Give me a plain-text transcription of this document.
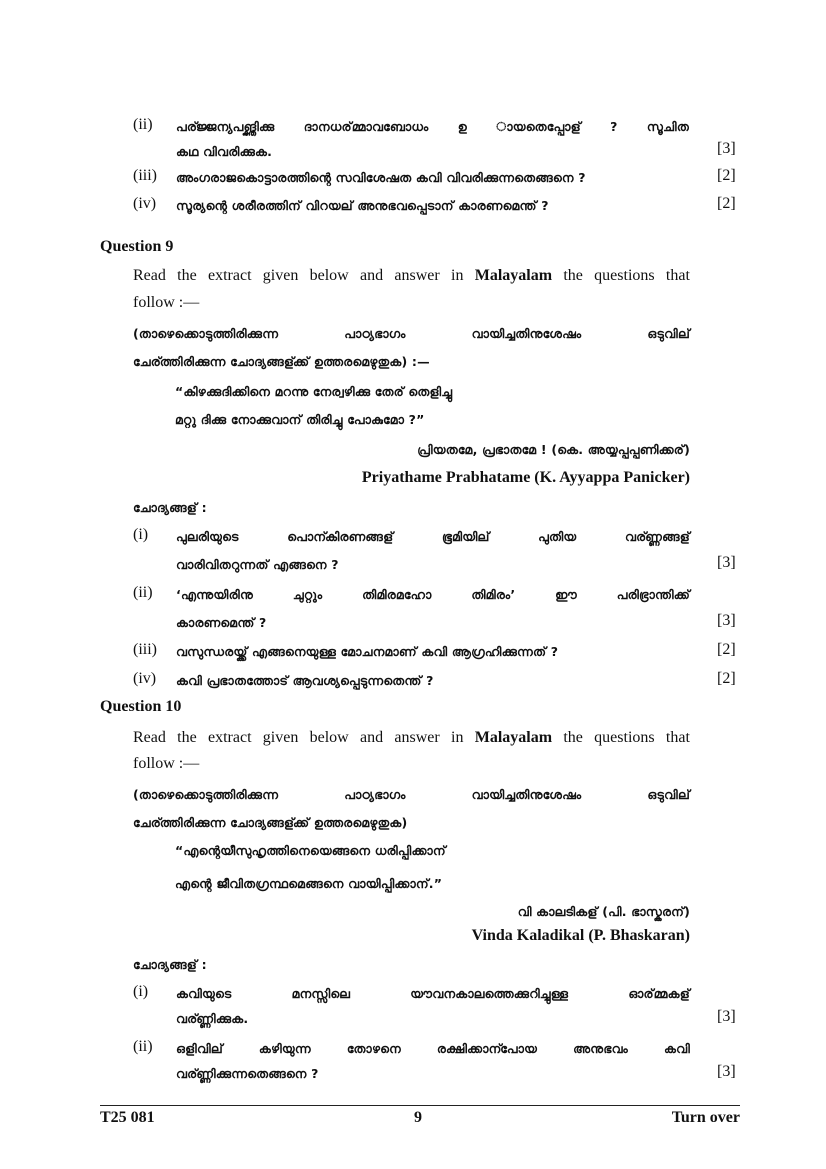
(ii) പര്ജ്ജന്യപങ്ക്തിക്കു ദാനധര്മ്മാവബോധം ഉ ായതെപ്പോള് ? സൂചിത
കഥ വിവരിക്കുക.	[3]
(iii) അംഗരാജകൊട്ടാരത്തിന്റെ സവിശേഷത കവി വിവരിക്കുന്നതെങ്ങനെ ?	[2]
(iv) സൂര്യന്റെ ശരീരത്തിന് വിറയല് അനുഭവപ്പെടാന് കാരണമെന്ത് ?	[2]
Question 9
Read the extract given below and answer in Malayalam the questions that
follow :—
(താഴെക്കൊടുത്തിരിക്കുന്ന	പാഠ്യഭാഗം	വായിച്ചതിനുശേഷം	ഒടുവില്
ചേര്ത്തിരിക്കുന്ന ചോദ്യങ്ങള്ക്ക് ഉത്തരമെഴുതുക) :—
“കിഴക്കുദിക്കിനെ മറന്നു നേര്വഴിക്കു തേര് തെളിച്ചു
മറ്റു ദിക്കു നോക്കുവാന് തിരിച്ചു പോകുമോ ?”
പ്രിയതമേ, പ്രഭാതമേ ! (കെ. അയ്യപ്പപ്പണിക്കര്)
Priyathame Prabhatame (K. Ayyappa Panicker)
ചോദ്യങ്ങള് :
(i) പുലരിയുടെ	പൊന്കിരണങ്ങള്	ഭൂമിയില്	പുതിയ	വര്ണ്ണങ്ങള്
വാരിവിതറുന്നത് എങ്ങനെ ?	[3]
(ii) ‘എന്നുയിരിനു	ചുറ്റും	തിമിരമഹോ	തിമിരം’	ഈ	പരിഭ്രാന്തിക്ക്
കാരണമെന്ത് ?	[3]
(iii) വസുന്ധരയ്ക്ക് എങ്ങനെയുള്ള മോചനമാണ് കവി ആഗ്രഹിക്കുന്നത് ?	[2]
(iv) കവി പ്രഭാതത്തോട് ആവശ്യപ്പെടുന്നതെന്ത് ?	[2]
Question 10
Read the extract given below and answer in Malayalam the questions that
follow :—
(താഴെക്കൊടുത്തിരിക്കുന്ന	പാഠ്യഭാഗം	വായിച്ചതിനുശേഷം	ഒടുവില്
ചേര്ത്തിരിക്കുന്ന ചോദ്യങ്ങള്ക്ക് ഉത്തരമെഴുതുക)
“എന്റെയീസുഹൃത്തിനെയെങ്ങനെ ധരിപ്പിക്കാന്
എന്റെ ജീവിതഗ്രന്ഥമെങ്ങനെ വായിപ്പിക്കാന്.”
വി കാലടികള് (പി. ഭാസ്കരന്)
Vinda Kaladikal (P. Bhaskaran)
ചോദ്യങ്ങള് :
(i) കവിയുടെ	മനസ്സിലെ	യൗവനകാലത്തെക്കുറിച്ചുള്ള	ഓര്മ്മകള്
വര്ണ്ണിക്കുക.	[3]
(ii) ഒളിവില്	കഴിയുന്ന	തോഴനെ	രക്ഷിക്കാന്പോയ	അനുഭവം	കവി
വര്ണ്ണിക്കുന്നതെങ്ങനെ ?	[3]
T25 081	9	Turn over
